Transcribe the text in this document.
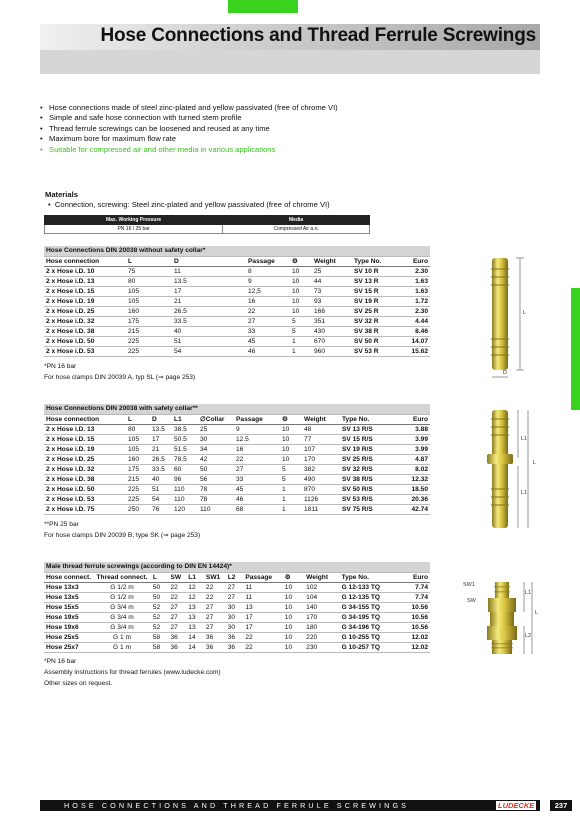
Hose Connections and Thread Ferrule Screwings
• Hose connections made of steel zinc-plated and yellow passivated (free of chrome VI)
• Simple and safe hose connection with turned stem profile
• Thread ferrule screwings can be loosened and reused at any time
• Maximum bore for maximum flow rate
• Suitable for compressed air and other media in various applications
Materials
•  Connection, screwing: Steel zinc-plated and yellow passivated (free of chrome VI)
Max. Working Pressure	Media
PN 16 / 25 bar	Compressed Air a.o.
Hose Connections DIN 20038 without safety collar*							
Hose connection	L	D	Passage	⚙	Weight	Type No.	Euro
2 x Hose i.D. 10	75	11	8	10	25	SV 10 R	2.30
2 x Hose i.D. 13	80	13.5	9	10	44	SV 13 R	1.63
2 x Hose i.D. 15	105	17	12,5	10	73	SV 15 R	1.63
2 x Hose i.D. 19	105	21	16	10	93	SV 19 R	1.72
2 x Hose i.D. 25	160	26.5	22	10	166	SV 25 R	2.30
2 x Hose i.D. 32	175	33.5	27	5	351	SV 32 R	4.44
2 x Hose i.D. 38	215	40	33	5	430	SV 38 R	8.46
2 x Hose i.D. 50	225	51	45	1	670	SV 50 R	14.07
2 x Hose i.D. 53	225	54	46	1	960	SV 53 R	15.62
*PN 16 bar
For hose clamps DIN 20039 A, typ SL (⇒ page 253)
Hose Connections DIN 20038 with safety collar**									
Hose connection	L	D	L1	∅Collar	Passage	⚙	Weight	Type No.	Euro
2 x Hose i.D. 13	80	13.5	38.5	25	9	10	48	SV 13 R/S	3.88
2 x Hose i.D. 15	105	17	50.5	30	12.5	10	77	SV 15 R/S	3.99
2 x Hose i.D. 19	105	21	51.5	34	16	10	107	SV 19 R/S	3.99
2 x Hose i.D. 25	160	26.5	78.5	42	22	10	170	SV 25 R/S	4.87
2 x Hose i.D. 32	175	33.5	60	50	27	5	382	SV 32 R/S	8.02
2 x Hose i.D. 38	215	40	96	56	33	5	490	SV 38 R/S	12.32
2 x Hose i.D. 50	225	51	110	78	45	1	870	SV 50 R/S	18.50
2 x Hose i.D. 53	225	54	110	78	46	1	1126	SV 53 R/S	20.36
2 x Hose i.D. 75	250	76	120	110	68	1	1811	SV 75 R/S	42.74
**PN 25 bar
For hose clamps DIN 20039 B, type SK (⇒ page 253)
Male thread ferrule screwings (according to DIN EN 14424)*											
Hose connect.	Thread connect.	L	SW	L1	SW1	L2	Passage	⚙	Weight	Type No.	Euro
Hose 13x3	G 1/2 m	50	22	12	22	27	11	10	102	G 12-133 TQ	7.74
Hose 13x5	G 1/2 m	50	22	12	22	27	11	10	104	G 12-135 TQ	7.74
Hose 15x5	G 3/4 m	52	27	13	27	30	13	10	140	G 34-155 TQ	10.56
Hose 19x5	G 3/4 m	52	27	13	27	30	17	10	170	G 34-195 TQ	10.56
Hose 19x6	G 3/4 m	52	27	13	27	30	17	10	180	G 34-196 TQ	10.56
Hose 25x5	G 1 m	58	36	14	36	36	22	10	220	G 10-255 TQ	12.02
Hose 25x7	G 1 m	58	36	14	36	36	22	10	230	G 10-257 TQ	12.02
*PN 16 bar
Assembly instructions for thread ferrules (www.ludecke.com)
Other sizes on request.
L
D
L1
L
L1
SW1
SW
L1
L
L2
HOSE CONNECTIONS AND THREAD FERRULE SCREWINGS	LUDECKE	237
